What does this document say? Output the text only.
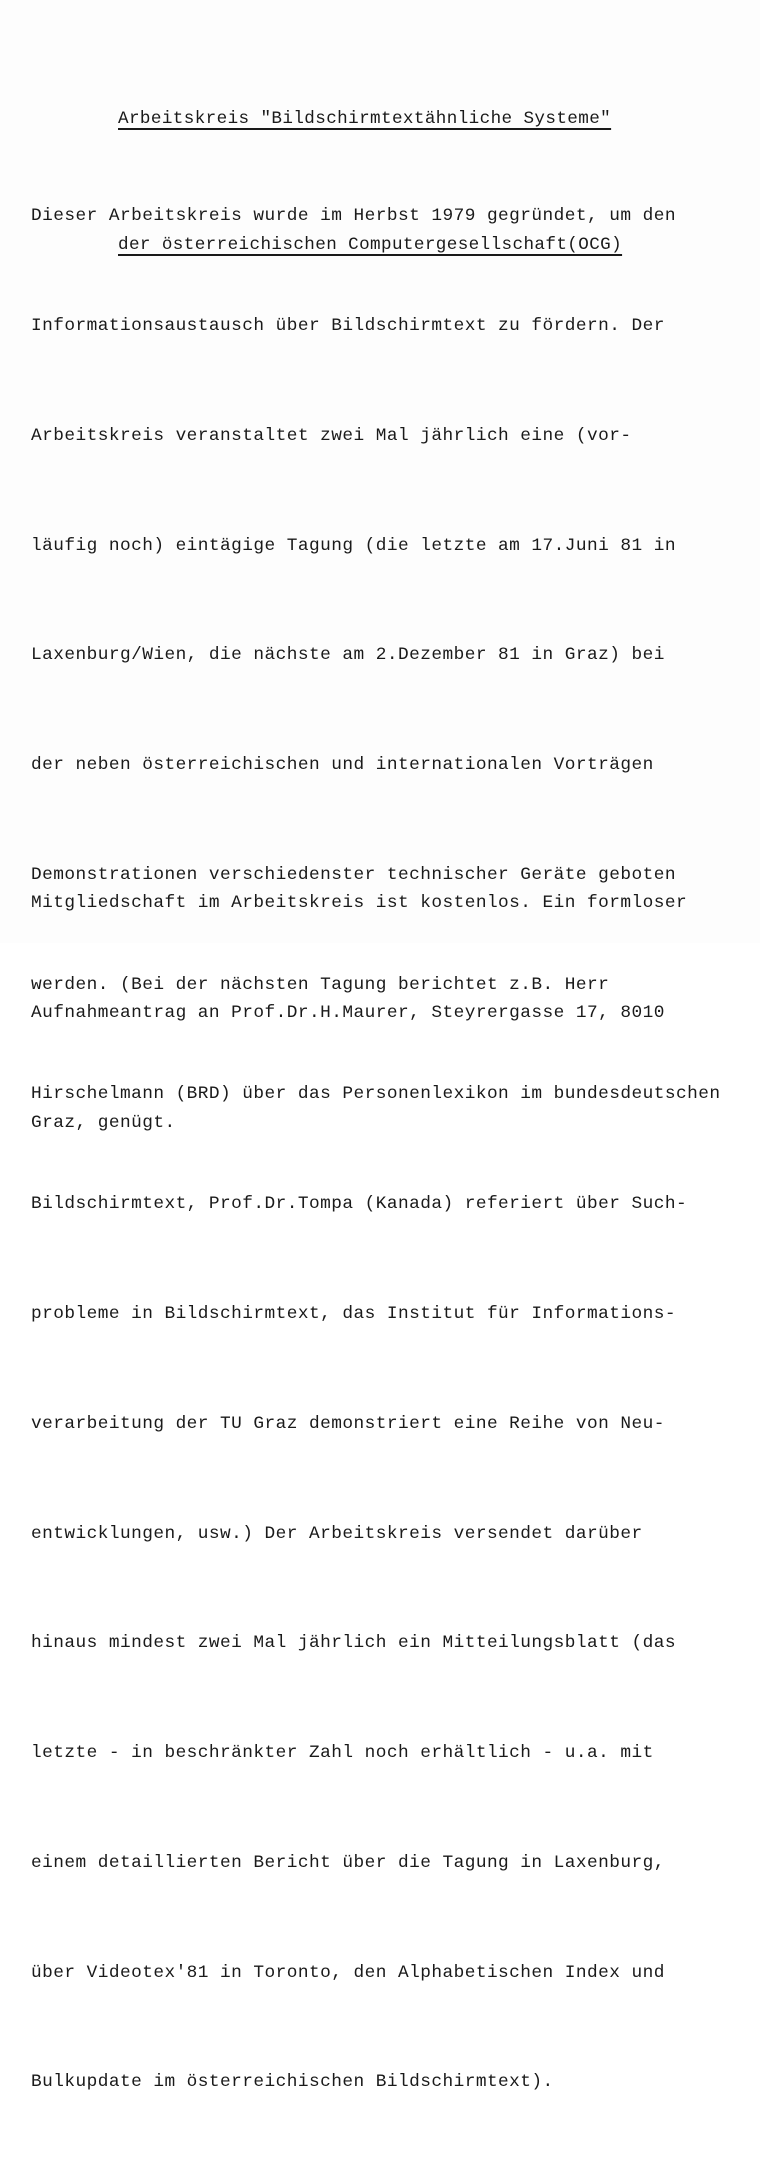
Arbeitskreis "Bildschirmtextähnliche Systeme"

der österreichischen Computergesellschaft(OCG)

Dieser Arbeitskreis wurde im Herbst 1979 gegründet, um den

Informationsaustausch über Bildschirmtext zu fördern. Der

Arbeitskreis veranstaltet zwei Mal jährlich eine (vor-

läufig noch) eintägige Tagung (die letzte am 17.Juni 81 in

Laxenburg/Wien, die nächste am 2.Dezember 81 in Graz) bei

der neben österreichischen und internationalen Vorträgen

Demonstrationen verschiedenster technischer Geräte geboten

werden. (Bei der nächsten Tagung berichtet z.B. Herr

Hirschelmann (BRD) über das Personenlexikon im bundesdeutschen

Bildschirmtext, Prof.Dr.Tompa (Kanada) referiert über Such-

probleme in Bildschirmtext, das Institut für Informations-

verarbeitung der TU Graz demonstriert eine Reihe von Neu-

entwicklungen, usw.) Der Arbeitskreis versendet darüber

hinaus mindest zwei Mal jährlich ein Mitteilungsblatt (das

letzte - in beschränkter Zahl noch erhältlich - u.a. mit

einem detaillierten Bericht über die Tagung in Laxenburg,

über Videotex'81 in Toronto, den Alphabetischen Index und

Bulkupdate im österreichischen Bildschirmtext).

Mitgliedschaft im Arbeitskreis ist kostenlos. Ein formloser

Aufnahmeantrag an Prof.Dr.H.Maurer, Steyrergasse 17, 8010

Graz, genügt.
